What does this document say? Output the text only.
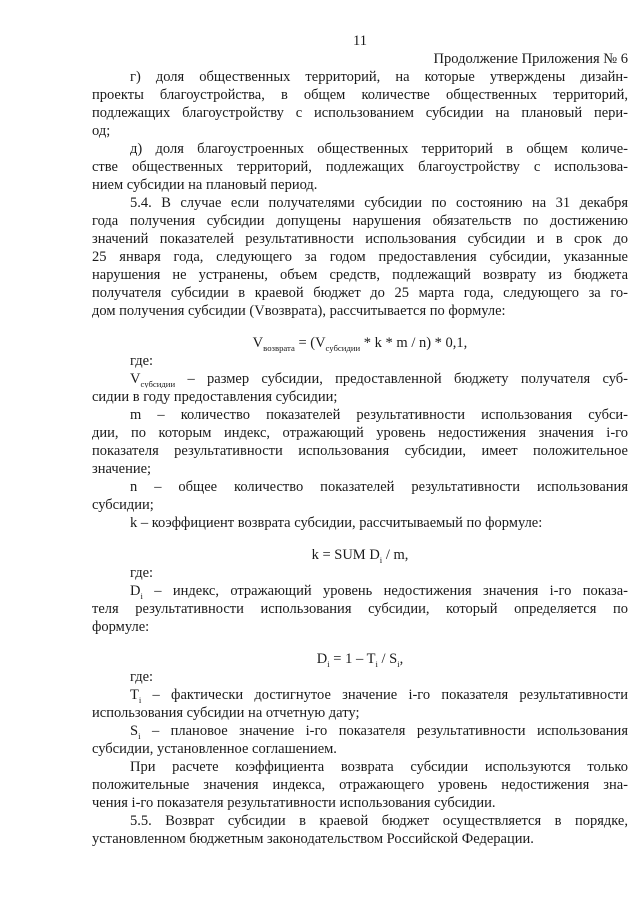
11
Продолжение Приложения № 6
г) доля общественных территорий, на которые утверждены дизайн-
проекты благоустройства, в общем количестве общественных территорий,
подлежащих благоустройству с использованием субсидии на плановый пери-
од;
д) доля благоустроенных общественных территорий в общем количе-
стве общественных территорий, подлежащих благоустройству с использова-
нием субсидии на плановый период.
5.4. В случае если получателями субсидии по состоянию на 31 декабря
года получения субсидии допущены нарушения обязательств по достижению
значений показателей результативности использования субсидии и в срок до
25 января года, следующего за годом предоставления субсидии, указанные
нарушения не устранены, объем средств, подлежащий возврату из бюджета
получателя субсидии в краевой бюджет до 25 марта года, следующего за го-
дом получения субсидии (Vвозврата), рассчитывается по формуле:
$V_{возврата} = (V_{субсидии} * k * m / n) * 0,1$,
где:
$V_{субсидии}$ – размер субсидии, предоставленной бюджету получателя суб-
сидии в году предоставления субсидии;
m – количество показателей результативности использования субси-
дии, по которым индекс, отражающий уровень недостижения значения i-го
показателя результативности использования субсидии, имеет положительное
значение;
n – общее количество показателей результативности использования
субсидии;
k – коэффициент возврата субсидии, рассчитываемый по формуле:
k = SUM $D_i$ / m,
где:
$D_i$ – индекс, отражающий уровень недостижения значения i-го показа-
теля результативности использования субсидии, который определяется по
формуле:
$D_i = 1 - T_i / S_i$,
где:
$T_i$ – фактически достигнутое значение i-го показателя результативности
использования субсидии на отчетную дату;
$S_i$ – плановое значение i-го показателя результативности использования
субсидии, установленное соглашением.
При расчете коэффициента возврата субсидии используются только
положительные значения индекса, отражающего уровень недостижения зна-
чения i-го показателя результативности использования субсидии.
5.5. Возврат субсидии в краевой бюджет осуществляется в порядке,
установленном бюджетным законодательством Российской Федерации.
